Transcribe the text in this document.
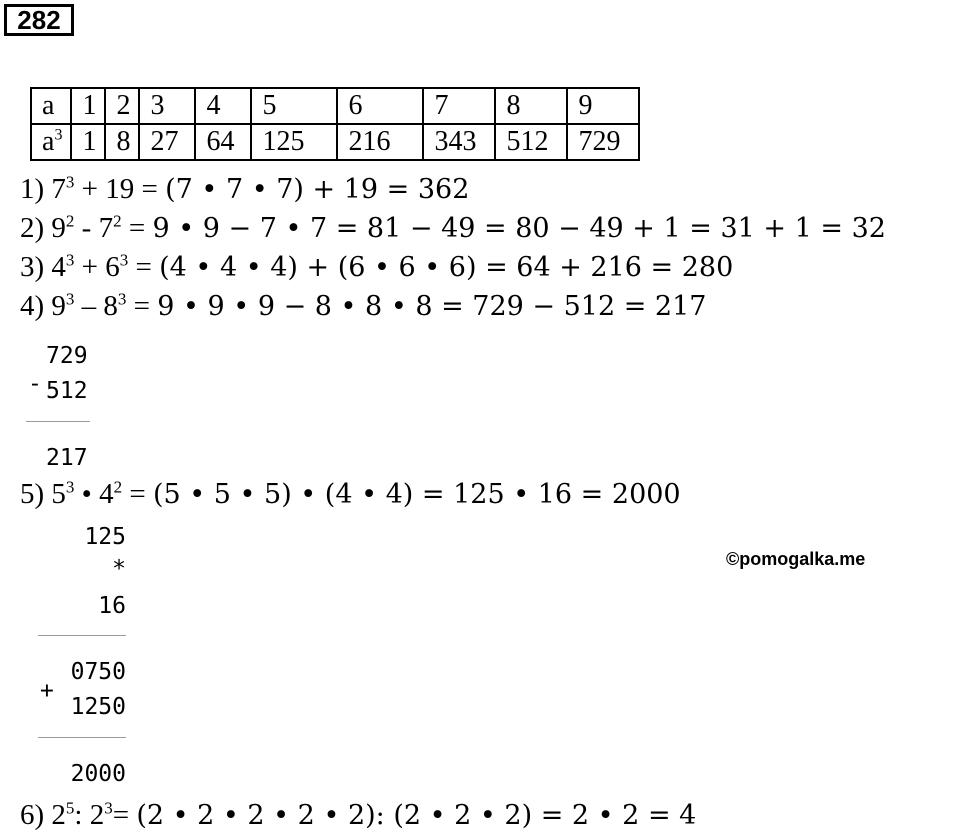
282
a	1	2	3	4	5	6	7	8	9
$a^3$	1	8	27	64	125	216	343	512	729
1) $7^3 + 19 = (7$ • 7 • 7) + 19 = 362
2) $9^2 - 7^2 = 9$ • 9 − 7 • 7 = 81 − 49 = 80 − 49 + 1 = 31 + 1 = 32
3) $4^3 + 6^3 = (4$ • 4 • 4) + (6 • 6 • 6) = 64 + 216 = 280
4) $9^3 - 8^3 = 9$ • 9 • 9 − 8 • 8 • 8 = 729 − 512 = 217
-
729
512
217
5) $5^3$ • $4^2 = (5$ • 5 • 5) • (4 • 4) = 125 • 16 = 2000
125
*
16
+
0750
1250
2000
©pomogalka.me
6) $2^5$: $2^3= (2$ • 2 • 2 • 2 • 2): (2 • 2 • 2) = 2 • 2 = 4
